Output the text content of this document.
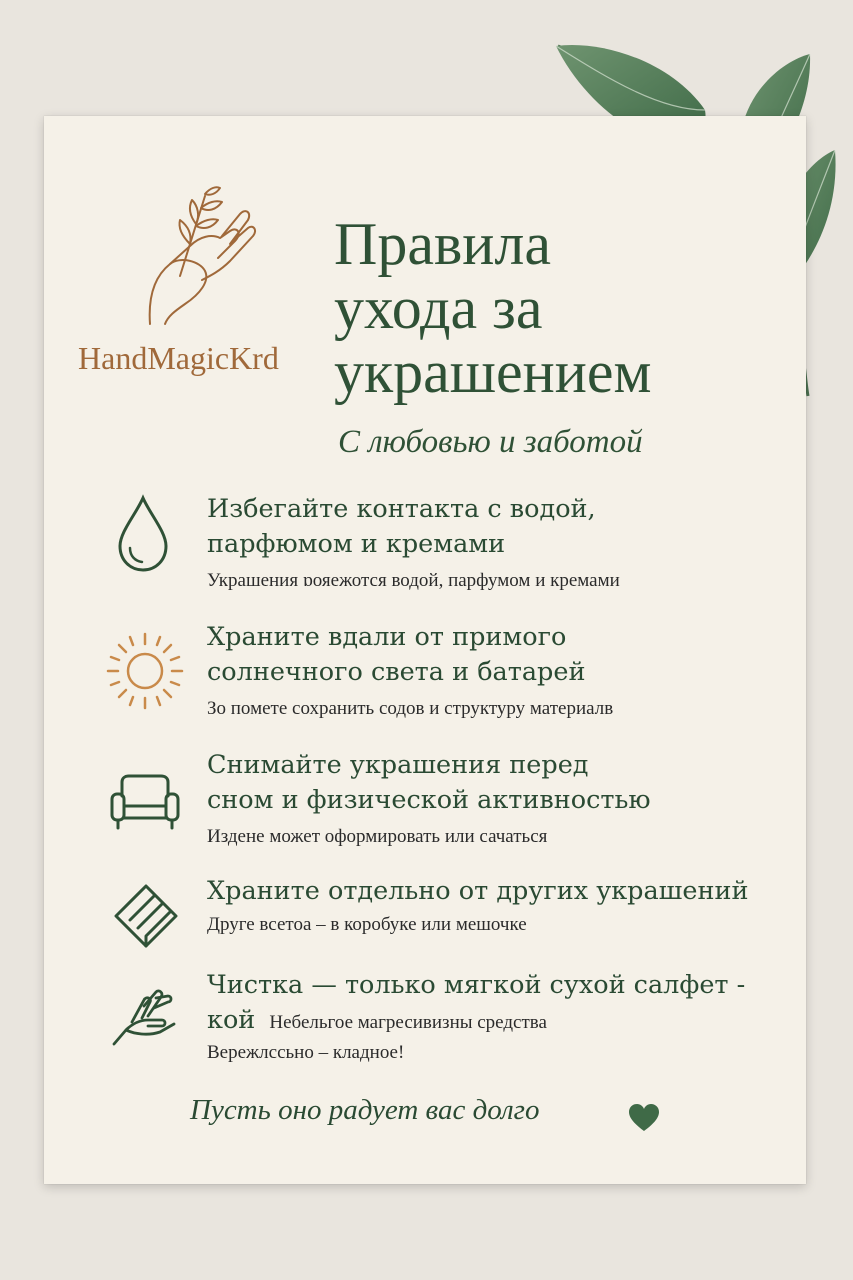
HandMagicKrd
Правила
ухода за
украшением
С любовью и заботой
Избегайте контакта с водой,
парфюмом и кремами
Украшения ɒояежотся водой, парфумом и кремами
Храните вдали от примого
солнечного света и батарей
Зо помете сохранить содов и структуру материалв
Снимайте украшения перед
сном и физической активностью
Издене может оформировать или сачаться
Храните отдельно от других украшений
Друге всетоа – в коробуке или мешочке
Чистка — только мягкой сухой салфет -
кой Небельгое магресивизны средства
Вережлссьно – кладное!
Пусть оно радует вас долго
